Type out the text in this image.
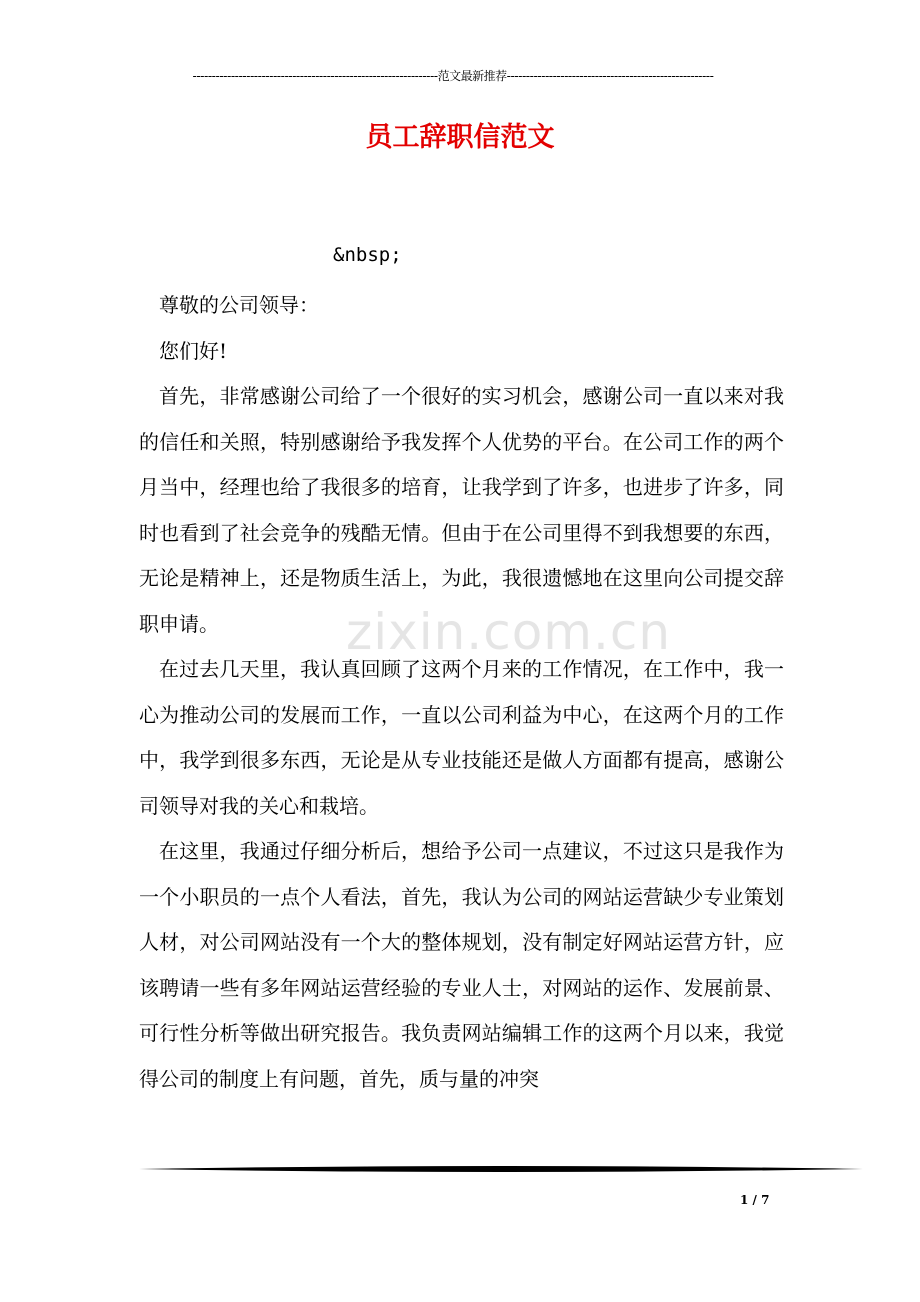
----------------------------------------------------------------范文最新推荐------------------------------------------------------
员工辞职信范文
&nbsp;

尊敬的公司领导：

您们好!

首先，非常感谢公司给了一个很好的实习机会，感谢公司一直以来对我的信任和关照，特别感谢给予我发挥个人优势的平台。在公司工作的两个月当中，经理也给了我很多的培育，让我学到了许多，也进步了许多，同时也看到了社会竞争的残酷无情。但由于在公司里得不到我想要的东西，无论是精神上，还是物质生活上，为此，我很遗憾地在这里向公司提交辞职申请。

在过去几天里，我认真回顾了这两个月来的工作情况，在工作中，我一心为推动公司的发展而工作，一直以公司利益为中心，在这两个月的工作中，我学到很多东西，无论是从专业技能还是做人方面都有提高，感谢公司领导对我的关心和栽培。

在这里，我通过仔细分析后，想给予公司一点建议，不过这只是我作为一个小职员的一点个人看法，首先，我认为公司的网站运营缺少专业策划人材，对公司网站没有一个大的整体规划，没有制定好网站运营方针，应该聘请一些有多年网站运营经验的专业人士，对网站的运作、发展前景、可行性分析等做出研究报告。我负责网站编辑工作的这两个月以来，我觉得公司的制度上有问题，首先，质与量的冲突

zixin.com.cn
1 / 7
